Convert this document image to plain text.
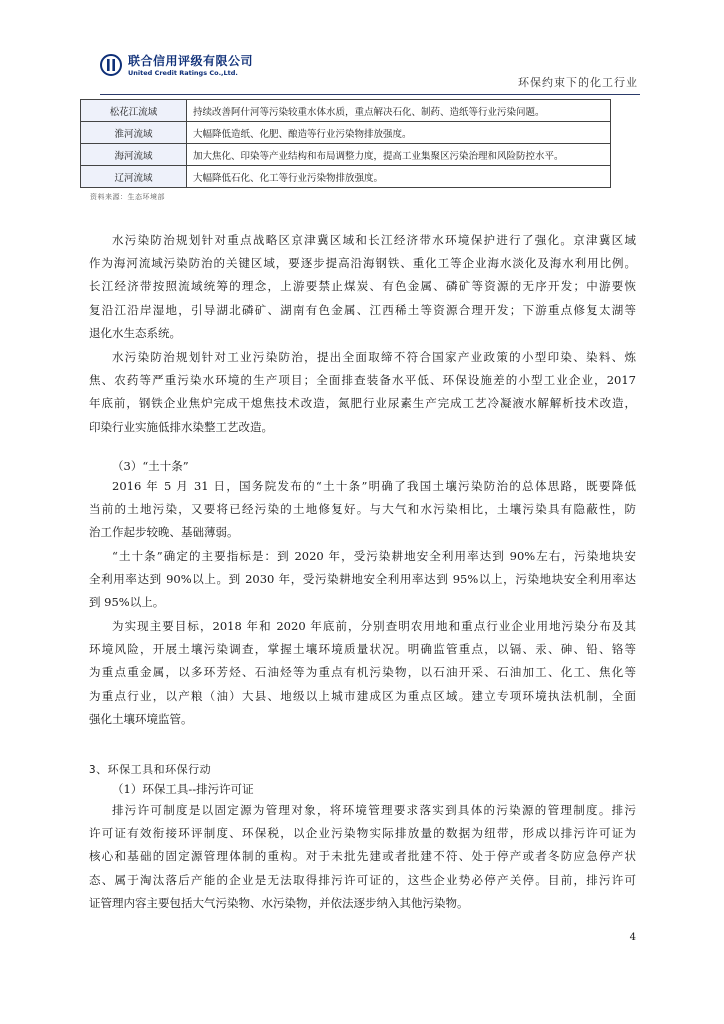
联合信用评级有限公司
United Credit Ratings Co.,Ltd.
环保约束下的化工行业
松花江流域	持续改善阿什河等污染较重水体水质，重点解决石化、制药、造纸等行业污染问题。
淮河流域	大幅降低造纸、化肥、酿造等行业污染物排放强度。
海河流域	加大焦化、印染等产业结构和布局调整力度，提高工业集聚区污染治理和风险防控水平。
辽河流域	大幅降低石化、化工等行业污染物排放强度。
资料来源：生态环境部
水污染防治规划针对重点战略区京津冀区域和长江经济带水环境保护进行了强化。京津冀区域
作为海河流域污染防治的关键区域，要逐步提高沿海钢铁、重化工等企业海水淡化及海水利用比例。
长江经济带按照流域统筹的理念，上游要禁止煤炭、有色金属、磷矿等资源的无序开发；中游要恢
复沿江沿岸湿地，引导湖北磷矿、湖南有色金属、江西稀土等资源合理开发；下游重点修复太湖等
退化水生态系统。
水污染防治规划针对工业污染防治，提出全面取缔不符合国家产业政策的小型印染、染料、炼
焦、农药等严重污染水环境的生产项目；全面排查装备水平低、环保设施差的小型工业企业，2017
年底前，钢铁企业焦炉完成干熄焦技术改造，氮肥行业尿素生产完成工艺冷凝液水解解析技术改造，
印染行业实施低排水染整工艺改造。
（3）“土十条”
2016 年 5 月 31 日，国务院发布的“土十条”明确了我国土壤污染防治的总体思路，既要降低
当前的土地污染，又要将已经污染的土地修复好。与大气和水污染相比，土壤污染具有隐蔽性，防
治工作起步较晚、基础薄弱。
“土十条”确定的主要指标是：到 2020 年，受污染耕地安全利用率达到 90%左右，污染地块安
全利用率达到 90%以上。到 2030 年，受污染耕地安全利用率达到 95%以上，污染地块安全利用率达
到 95%以上。
为实现主要目标，2018 年和 2020 年底前，分别查明农用地和重点行业企业用地污染分布及其
环境风险，开展土壤污染调查，掌握土壤环境质量状况。明确监管重点，以镉、汞、砷、铅、铬等
为重点重金属，以多环芳烃、石油烃等为重点有机污染物，以石油开采、石油加工、化工、焦化等
为重点行业，以产粮（油）大县、地级以上城市建成区为重点区域。建立专项环境执法机制，全面
强化土壤环境监管。
3、环保工具和环保行动
（1）环保工具--排污许可证
排污许可制度是以固定源为管理对象，将环境管理要求落实到具体的污染源的管理制度。排污
许可证有效衔接环评制度、环保税，以企业污染物实际排放量的数据为纽带，形成以排污许可证为
核心和基础的固定源管理体制的重构。对于未批先建或者批建不符、处于停产或者冬防应急停产状
态、属于淘汰落后产能的企业是无法取得排污许可证的，这些企业势必停产关停。目前，排污许可
证管理内容主要包括大气污染物、水污染物，并依法逐步纳入其他污染物。
4
